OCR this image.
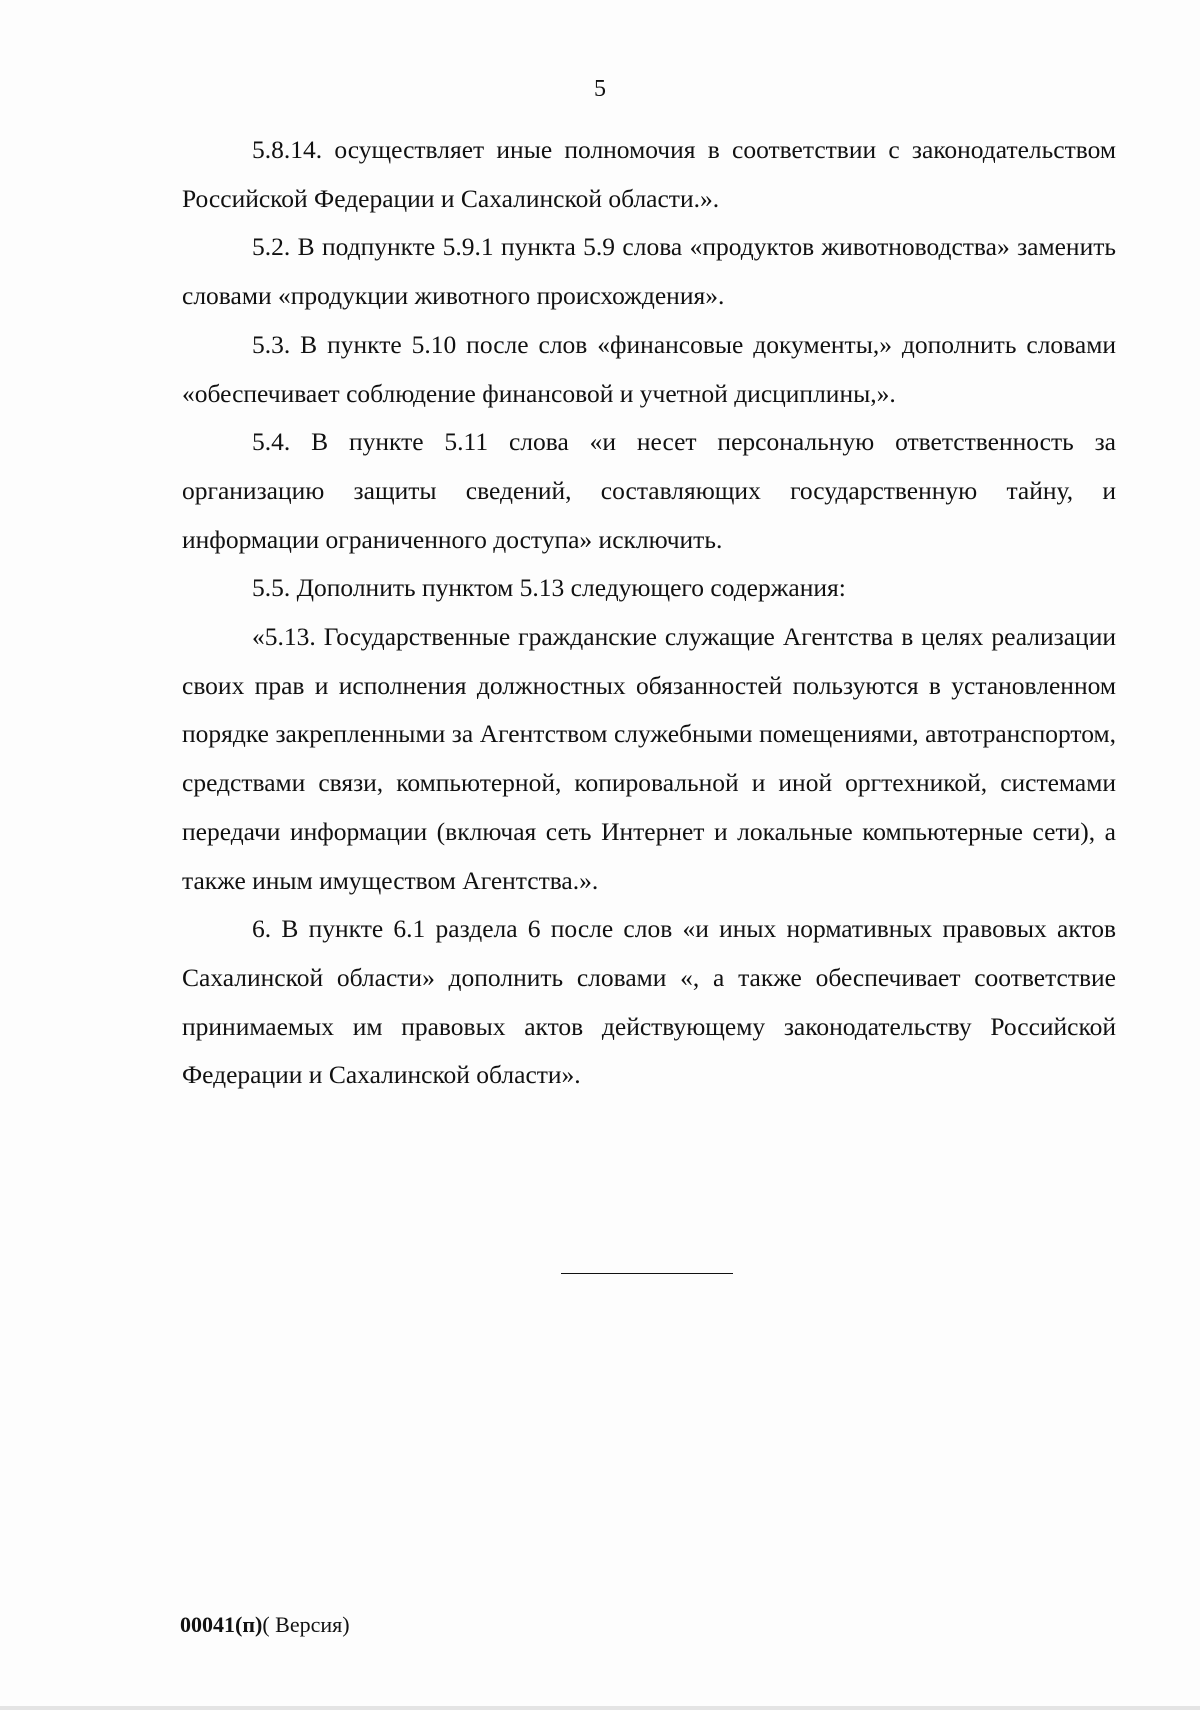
5

5.8.14. осуществляет иные полномочия в соответствии с законодательством Российской Федерации и Сахалинской области.».

5.2. В подпункте 5.9.1 пункта 5.9 слова «продуктов животноводства» заменить словами «продукции животного происхождения».

5.3. В пункте 5.10 после слов «финансовые документы,» дополнить словами «обеспечивает соблюдение финансовой и учетной дисциплины,».

5.4. В пункте 5.11 слова «и несет персональную ответственность за организацию защиты сведений, составляющих государственную тайну, и информации ограниченного доступа» исключить.

5.5. Дополнить пунктом 5.13 следующего содержания:

«5.13. Государственные гражданские служащие Агентства в целях реализации своих прав и исполнения должностных обязанностей пользуются в установленном порядке закрепленными за Агентством служебными помещениями, автотранспортом, средствами связи, компьютерной, копировальной и иной оргтехникой, системами передачи информации (включая сеть Интернет и локальные компьютерные сети), а также иным имуществом Агентства.».

6. В пункте 6.1 раздела 6 после слов «и иных нормативных правовых актов Сахалинской области» дополнить словами «, а также обеспечивает соответствие принимаемых им правовых актов действующему законодательству Российской Федерации и Сахалинской области».

00041(п)( Версия)
